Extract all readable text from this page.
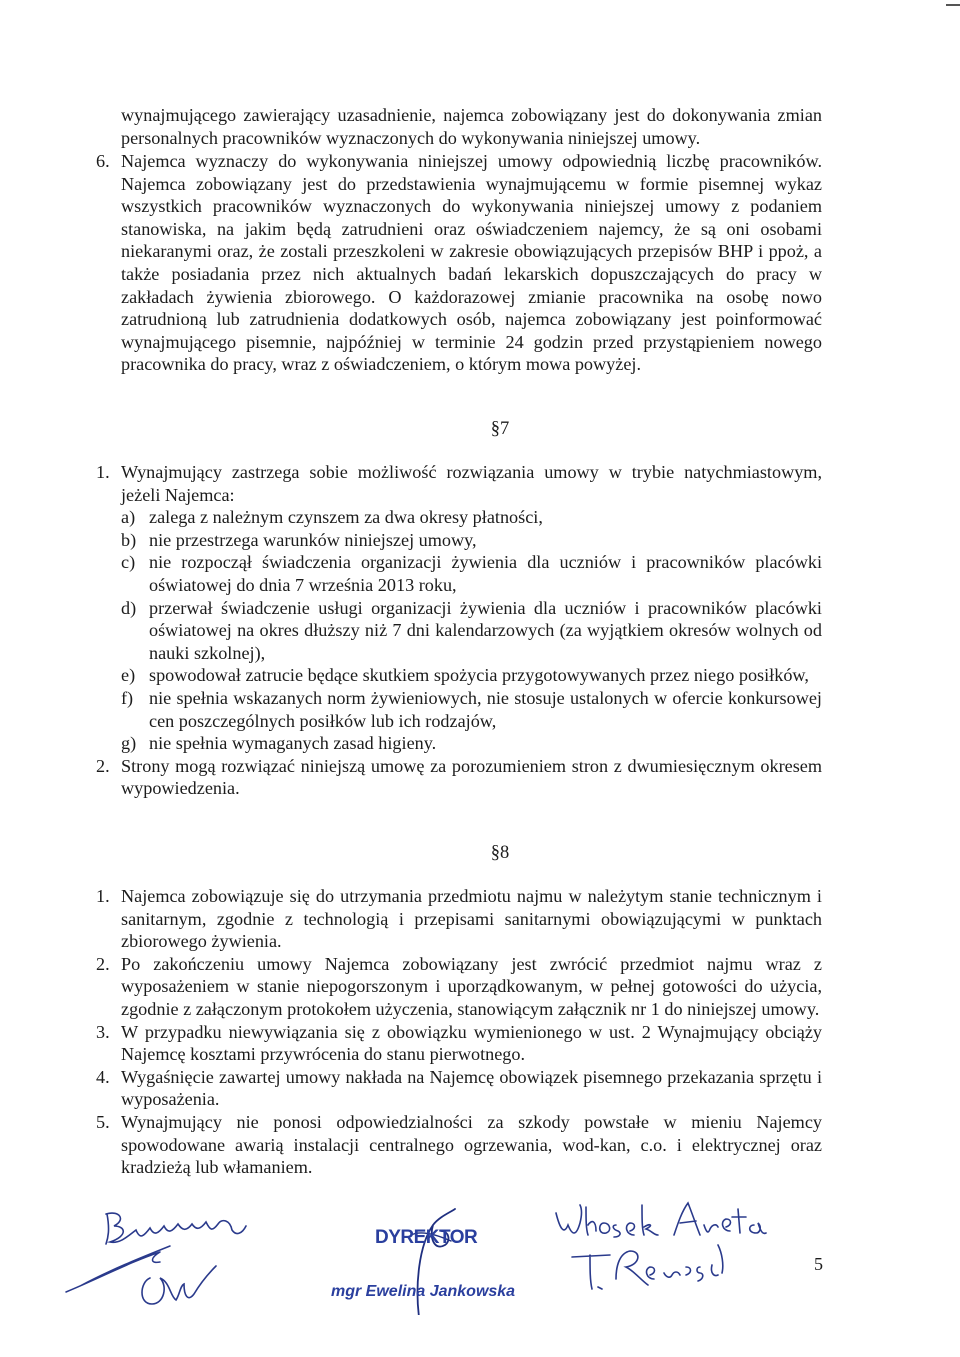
wynajmującego zawierający uzasadnienie, najemca zobowiązany jest do dokonywania zmian personalnych pracowników wyznaczonych do wykonywania niniejszej umowy.

6. Najemca wyznaczy do wykonywania niniejszej umowy odpowiednią liczbę pracowników. Najemca zobowiązany jest do przedstawienia wynajmującemu w formie pisemnej wykaz wszystkich pracowników wyznaczonych do wykonywania niniejszej umowy z podaniem stanowiska, na jakim będą zatrudnieni oraz oświadczeniem najemcy, że są oni osobami niekaranymi oraz, że zostali przeszkoleni w zakresie obowiązujących przepisów BHP i ppoż, a także posiadania przez nich aktualnych badań lekarskich dopuszczających do pracy w zakładach żywienia zbiorowego. O każdorazowej zmianie pracownika na osobę nowo zatrudnioną lub zatrudnienia dodatkowych osób, najemca zobowiązany jest poinformować wynajmującego pisemnie, najpóźniej w terminie 24 godzin przed przystąpieniem nowego pracownika do pracy, wraz z oświadczeniem, o którym mowa powyżej.

§7

1. Wynajmujący zastrzega sobie możliwość rozwiązania umowy w trybie natychmiastowym, jeżeli Najemca:
a) zalega z należnym czynszem za dwa okresy płatności,
b) nie przestrzega warunków niniejszej umowy,
c) nie rozpoczął świadczenia organizacji żywienia dla uczniów i pracowników placówki oświatowej do dnia 7 września 2013 roku,
d) przerwał świadczenie usługi organizacji żywienia dla uczniów i pracowników placówki oświatowej na okres dłuższy niż 7 dni kalendarzowych (za wyjątkiem okresów wolnych od nauki szkolnej),
e) spowodował zatrucie będące skutkiem spożycia przygotowywanych przez niego posiłków,
f) nie spełnia wskazanych norm żywieniowych, nie stosuje ustalonych w ofercie konkursowej cen poszczególnych posiłków lub ich rodzajów,
g) nie spełnia wymaganych zasad higieny.
2. Strony mogą rozwiązać niniejszą umowę za porozumieniem stron z dwumiesięcznym okresem wypowiedzenia.

§8

1. Najemca zobowiązuje się do utrzymania przedmiotu najmu w należytym stanie technicznym i sanitarnym, zgodnie z technologią i przepisami sanitarnymi obowiązującymi w punktach zbiorowego żywienia.
2. Po zakończeniu umowy Najemca zobowiązany jest zwrócić przedmiot najmu wraz z wyposażeniem w stanie niepogorszonym i uporządkowanym, w pełnej gotowości do użycia, zgodnie z załączonym protokołem użyczenia, stanowiącym załącznik nr 1 do niniejszej umowy.
3. W przypadku niewywiązania się z obowiązku wymienionego w ust. 2 Wynajmujący obciąży Najemcę kosztami przywrócenia do stanu pierwotnego.
4. Wygaśnięcie zawartej umowy nakłada na Najemcę obowiązek pisemnego przekazania sprzętu i wyposażenia.
5. Wynajmujący nie ponosi odpowiedzialności za szkody powstałe w mieniu Najemcy spowodowane awarią instalacji centralnego ogrzewania, wod-kan, c.o. i elektrycznej oraz kradzieżą lub włamaniem.
DYREKTOR
mgr Ewelina Jankowska
5
